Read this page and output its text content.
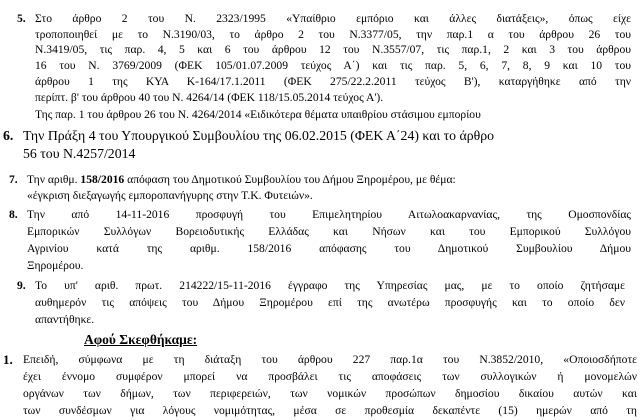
5. Στο άρθρο 2 του Ν. 2323/1995 «Υπαίθριο εμπόριο και άλλες διατάξεις», όπως είχε
τροποποιηθεί με το Ν.3190/03, το άρθρο 2 του Ν.3377/05, την παρ.1 α του άρθρου 26 του
Ν.3419/05, τις παρ. 4, 5 και 6 του άρθρου 12 του Ν.3557/07, τις παρ.1, 2 και 3 του άρθρου
16 του Ν. 3769/2009 (ΦΕΚ 105/01.07.2009 τεύχος Α΄) και τις παρ. 5, 6, 7, 8, 9 και 10 του
άρθρου 1 της ΚΥΑ Κ-164/17.1.2011 (ΦΕΚ 275/22.2.2011 τεύχος Β'), καταργήθηκε από την
περίπτ. β' του άρθρου 40 του Ν. 4264/14 (ΦΕΚ 118/15.05.2014 τεύχος Α').
Της παρ. 1 του άρθρου 26 του Ν. 4264/2014 «Ειδικότερα θέματα υπαιθρίου στάσιμου εμπορίου
6. Την Πράξη 4 του Υπουργικού Συμβουλίου της 06.02.2015 (ΦΕΚ Α΄24) και το άρθρο
56 του Ν.4257/2014
7. Την αριθμ. 158/2016 απόφαση του Δημοτικού Συμβουλίου του Δήμου Ξηρομέρου, με θέμα:
«έγκριση διεξαγωγής εμποροπανήγυρης στην Τ.Κ. Φυτειών».
8. Την από 14-11-2016 προσφυγή του Επιμελητηρίου Αιτωλοακαρνανίας, της Ομοσπονδίας
Εμπορικών Συλλόγων Βορειοδυτικής Ελλάδας και Νήσων και του Εμπορικού Συλλόγου
Αγρινίου κατά της αριθμ. 158/2016 απόφασης του Δημοτικού Συμβουλίου Δήμου
Ξηρομέρου.
9. Το υπ' αριθ. πρωτ. 214222/15-11-2016 έγγραφο της Υπηρεσίας μας, με το οποίο ζητήσαμε
αυθημερόν τις απόψεις του Δήμου Ξηρομέρου επί της ανωτέρω προσφυγής και το οποίο δεν
απαντήθηκε.
Αφού Σκεφθήκαμε:
1. Επειδή, σύμφωνα με τη διάταξη του άρθρου 227 παρ.1α του Ν.3852/2010, «Οποιοσδήποτε
έχει έννομο συμφέρον μπορεί να προσβάλει τις αποφάσεις των συλλογικών ή μονομελών
οργάνων των δήμων, των περιφερειών, των νομικών προσώπων δημοσίου δικαίου αυτών και
των συνδέσμων για λόγους νομιμότητας, μέσα σε προθεσμία δεκαπέντε (15) ημερών από τη
